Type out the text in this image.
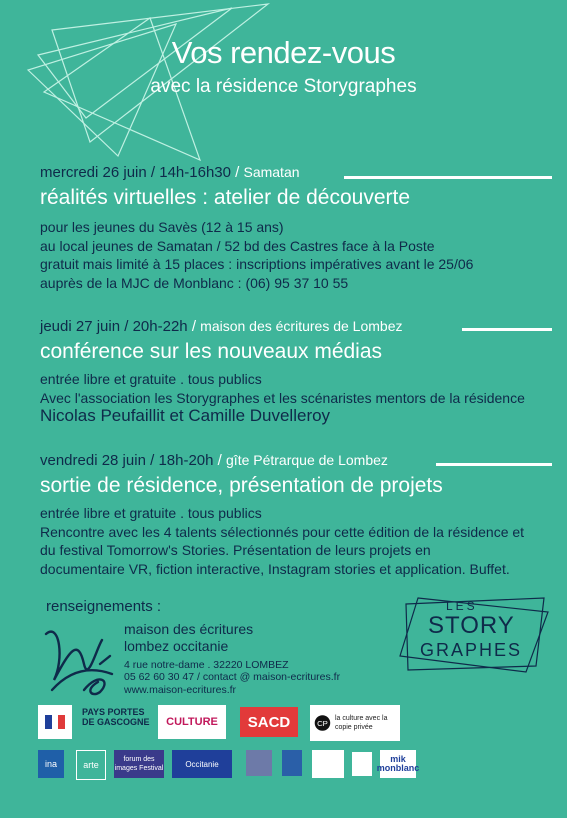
Vos rendez-vous
avec la résidence Storygraphes
mercredi 26 juin / 14h-16h30 / Samatan
réalités virtuelles : atelier de découverte
pour les jeunes du Savès (12 à 15 ans)
au local jeunes de Samatan / 52 bd des Castres face à la Poste
gratuit mais limité à 15 places : inscriptions impératives avant le 25/06
auprès de la MJC de Monblanc : (06) 95 37 10 55
jeudi 27 juin / 20h-22h / maison des écritures de Lombez
conférence sur les nouveaux médias
entrée libre et gratuite . tous publics
Avec l'association les Storygraphes et les scénaristes mentors de la résidence
Nicolas Peufaillit et Camille Duvelleroy
vendredi 28 juin / 18h-20h / gîte Pétrarque de Lombez
sortie de résidence, présentation de projets
entrée libre et gratuite . tous publics
Rencontre avec les 4 talents sélectionnés pour cette édition de la résidence et
du festival Tomorrow's Stories. Présentation de leurs projets en
documentaire VR, fiction interactive, Instagram stories et application. Buffet.
renseignements :
maison des écritures
lombez occitanie
4 rue notre-dame . 32220 LOMBEZ
05 62 60 30 47 / contact @ maison-ecritures.fr
www.maison-ecritures.fr
LES
STORY
GRAPHES
PAYS PORTES DE GASCOGNE	CULTURE	SACD	CP
la culture avec la copie privée
ina	arte	forum des images Festival	Occitanie	mik monblanc
